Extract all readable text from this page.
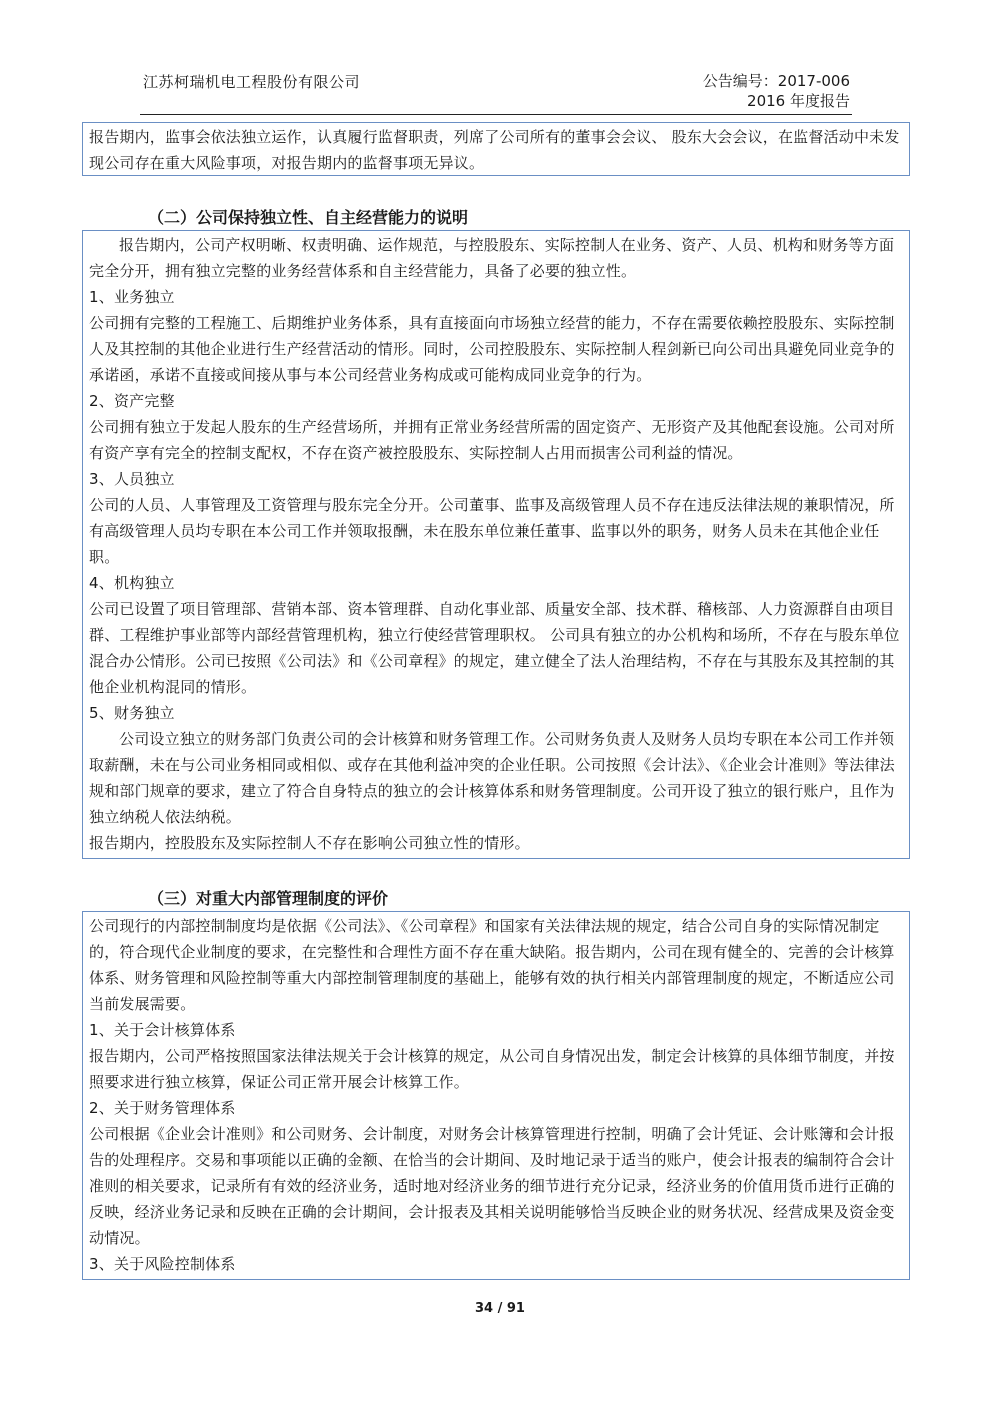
江苏柯瑞机电工程股份有限公司	公告编号：2017-006
2016 年度报告

报告期内，监事会依法独立运作，认真履行监督职责，列席了公司所有的董事会会议、 股东大会会议，在监督活动中未发现公司存在重大风险事项，对报告期内的监督事项无异议。

（二）公司保持独立性、自主经营能力的说明

报告期内，公司产权明晰、权责明确、运作规范，与控股股东、实际控制人在业务、资产、人员、机构和财务等方面完全分开，拥有独立完整的业务经营体系和自主经营能力，具备了必要的独立性。

1、业务独立

公司拥有完整的工程施工、后期维护业务体系，具有直接面向市场独立经营的能力，不存在需要依赖控股股东、实际控制人及其控制的其他企业进行生产经营活动的情形。同时，公司控股股东、实际控制人程剑新已向公司出具避免同业竞争的承诺函，承诺不直接或间接从事与本公司经营业务构成或可能构成同业竞争的行为。

2、资产完整

公司拥有独立于发起人股东的生产经营场所，并拥有正常业务经营所需的固定资产、无形资产及其他配套设施。公司对所有资产享有完全的控制支配权，不存在资产被控股股东、实际控制人占用而损害公司利益的情况。

3、人员独立

公司的人员、人事管理及工资管理与股东完全分开。公司董事、监事及高级管理人员不存在违反法律法规的兼职情况，所有高级管理人员均专职在本公司工作并领取报酬，未在股东单位兼任董事、监事以外的职务，财务人员未在其他企业任职。

4、机构独立

公司已设置了项目管理部、营销本部、资本管理群、自动化事业部、质量安全部、技术群、稽核部、人力资源群自由项目群、工程维护事业部等内部经营管理机构，独立行使经营管理职权。 公司具有独立的办公机构和场所，不存在与股东单位混合办公情形。公司已按照《公司法》和《公司章程》的规定，建立健全了法人治理结构，不存在与其股东及其控制的其他企业机构混同的情形。

5、财务独立

公司设立独立的财务部门负责公司的会计核算和财务管理工作。公司财务负责人及财务人员均专职在本公司工作并领取薪酬，未在与公司业务相同或相似、或存在其他利益冲突的企业任职。公司按照《会计法》、《企业会计准则》等法律法规和部门规章的要求，建立了符合自身特点的独立的会计核算体系和财务管理制度。公司开设了独立的银行账户，且作为独立纳税人依法纳税。

报告期内，控股股东及实际控制人不存在影响公司独立性的情形。

（三）对重大内部管理制度的评价

公司现行的内部控制制度均是依据《公司法》、《公司章程》和国家有关法律法规的规定，结合公司自身的实际情况制定的，符合现代企业制度的要求，在完整性和合理性方面不存在重大缺陷。报告期内，公司在现有健全的、完善的会计核算体系、财务管理和风险控制等重大内部控制管理制度的基础上，能够有效的执行相关内部管理制度的规定，不断适应公司当前发展需要。

1、关于会计核算体系

报告期内，公司严格按照国家法律法规关于会计核算的规定，从公司自身情况出发，制定会计核算的具体细节制度，并按照要求进行独立核算，保证公司正常开展会计核算工作。

2、关于财务管理体系

公司根据《企业会计准则》和公司财务、会计制度，对财务会计核算管理进行控制，明确了会计凭证、会计账簿和会计报告的处理程序。交易和事项能以正确的金额、在恰当的会计期间、及时地记录于适当的账户，使会计报表的编制符合会计准则的相关要求，记录所有有效的经济业务，适时地对经济业务的细节进行充分记录，经济业务的价值用货币进行正确的反映，经济业务记录和反映在正确的会计期间，会计报表及其相关说明能够恰当反映企业的财务状况、经营成果及资金变动情况。

3、关于风险控制体系

34 / 91
